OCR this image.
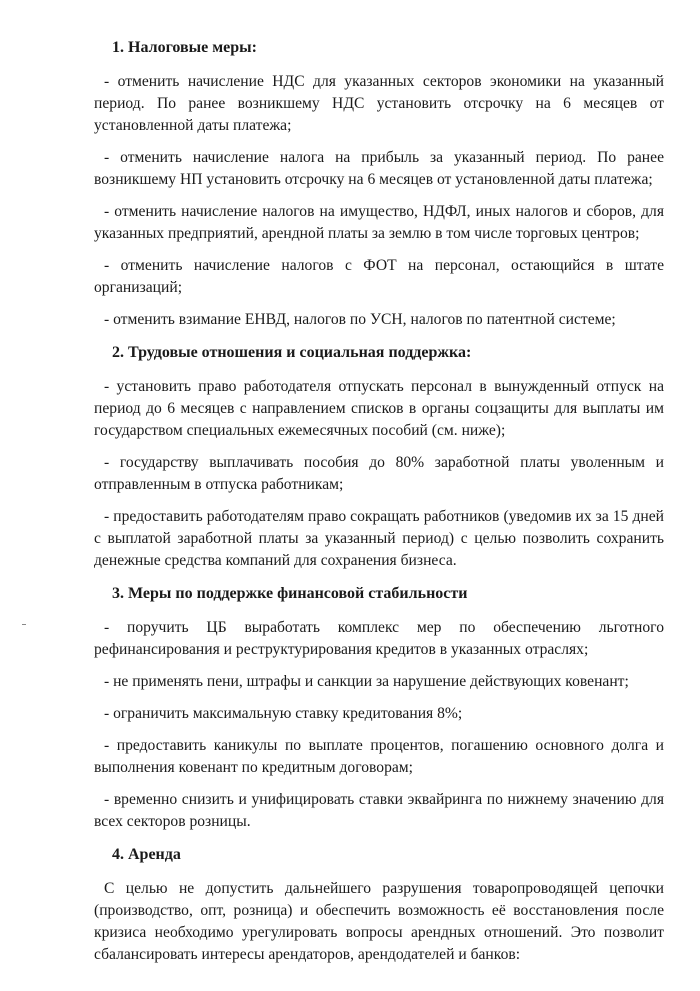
1. Налоговые меры:

- отменить начисление НДС для указанных секторов экономики на указанный период. По ранее возникшему НДС установить отсрочку на 6 месяцев от установленной даты платежа;

- отменить начисление налога на прибыль за указанный период. По ранее возникшему НП установить отсрочку на 6 месяцев от установленной даты платежа;

- отменить начисление налогов на имущество, НДФЛ, иных налогов и сборов, для указанных предприятий, арендной платы за землю в том числе торговых центров;

- отменить начисление налогов с ФОТ на персонал, остающийся в штате организаций;

- отменить взимание ЕНВД, налогов по УСН, налогов по патентной системе;

2. Трудовые отношения и социальная поддержка:

- установить право работодателя отпускать персонал в вынужденный отпуск на период до 6 месяцев с направлением списков в органы соцзащиты для выплаты им государством специальных ежемесячных пособий (см. ниже);

- государству выплачивать пособия до 80% заработной платы уволенным и отправленным в отпуска работникам;

- предоставить работодателям право сокращать работников (уведомив их за 15 дней с выплатой заработной платы за указанный период) с целью позволить сохранить денежные средства компаний для сохранения бизнеса.

3. Меры по поддержке финансовой стабильности

- поручить ЦБ выработать комплекс мер по обеспечению льготного рефинансирования и реструктурирования кредитов в указанных отраслях;

- не применять пени, штрафы и санкции за нарушение действующих ковенант;

- ограничить максимальную ставку кредитования 8%;

- предоставить каникулы по выплате процентов, погашению основного долга и выполнения ковенант по кредитным договорам;

- временно снизить и унифицировать ставки эквайринга по нижнему значению для всех секторов розницы.

4. Аренда

С целью не допустить дальнейшего разрушения товаропроводящей цепочки (производство, опт, розница) и обеспечить возможность её восстановления после кризиса необходимо урегулировать вопросы арендных отношений. Это позволит сбалансировать интересы арендаторов, арендодателей и банков:
